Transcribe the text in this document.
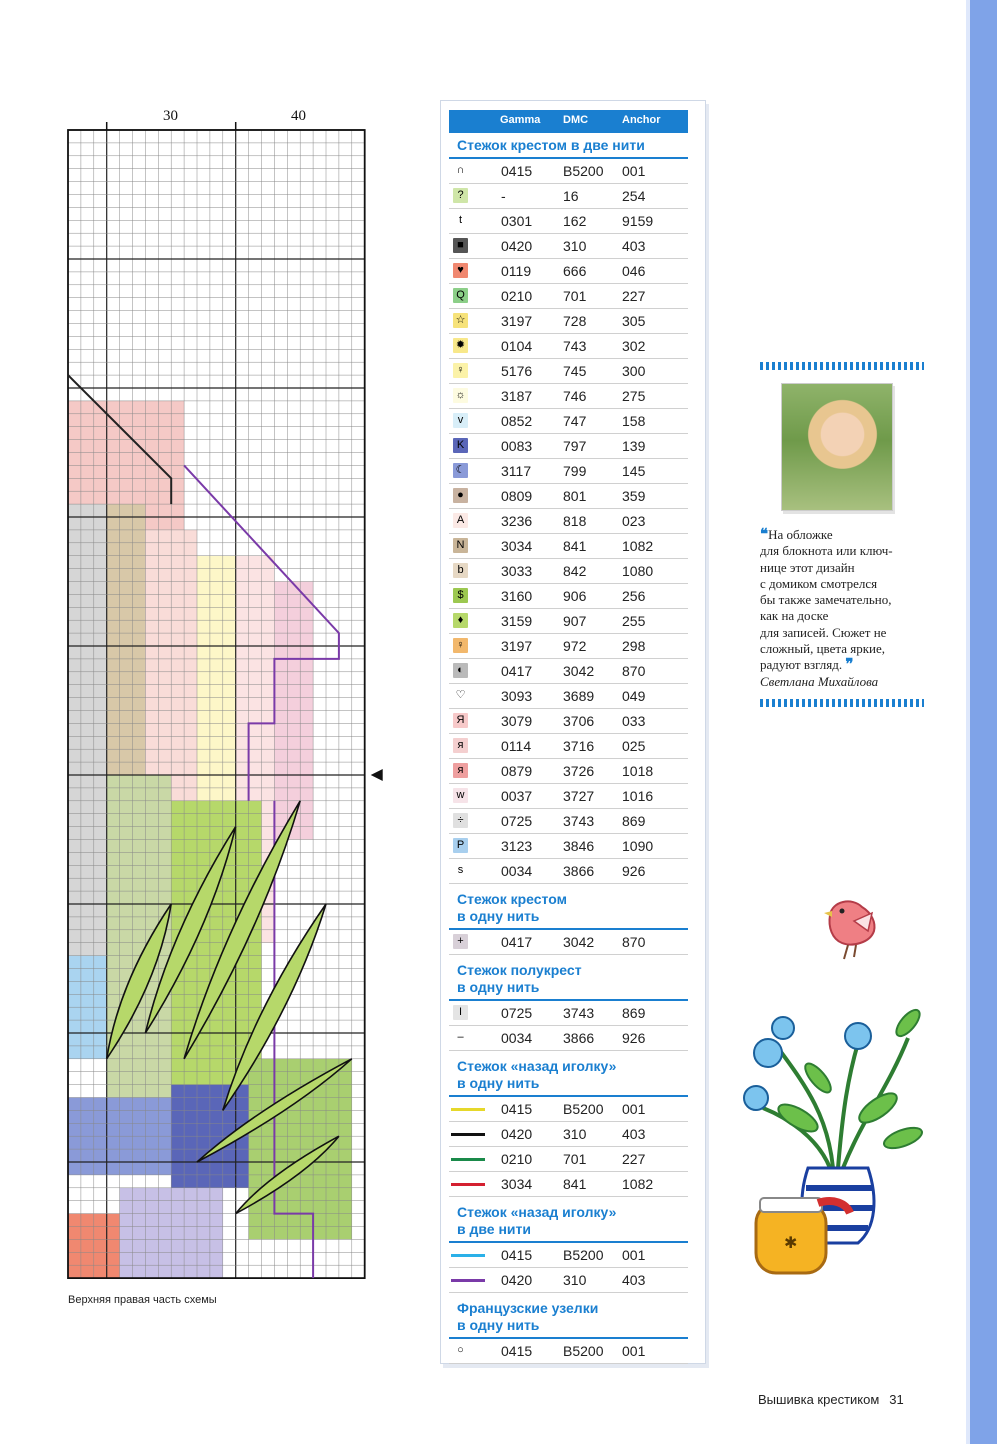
30	40
Верхняя правая часть схемы
Gamma DMC	Anchor
Стежок крестом в две нити
∩	0415 B5200 001
?	-	16	254
t	0301 162	9159
■	0420 310	403
♥	0119 666	046
Q	0210 701	227
☆	3197 728	305
✹	0104 743	302
♀	5176 745	300
☼	3187 746	275
v	0852 747	158
K	0083 797	139
☾	3117 799	145
●	0809 801	359
A	3236 818	023
N	3034 841	1082
b	3033 842	1080
$	3160 906	256
♦	3159 907	255
♀	3197 972	298
◐	0417 3042 870
♡	3093 3689 049
Я	3079 3706 033
я	0114 3716 025
я	0879 3726 1018
w	0037 3727 1016
÷	0725 3743 869
P	3123 3846 1090
s	0034 3866 926
Стежок крестом
в одну нить
+	0417 3042 870
Стежок полукрест
в одну нить
I	0725 3743 869
–	0034 3866 926
Стежок «назад иголку»
в одну нить
0415 B5200 001
0420 310	403
0210 701	227
3034 841	1082
Стежок «назад иголку»
в две нити
0415 B5200 001
0420 310	403
Французские узелки
в одну нить
○	0415 B5200 001
❝На обложке
для блокнота или ключ-
нице этот дизайн
с домиком смотрелся
бы также замечательно,
как на доске
для записей. Сюжет не
сложный, цвета яркие,
радуют взгляд. ❞
Светлана Михайлова
✱
Вышивка крестиком 31
